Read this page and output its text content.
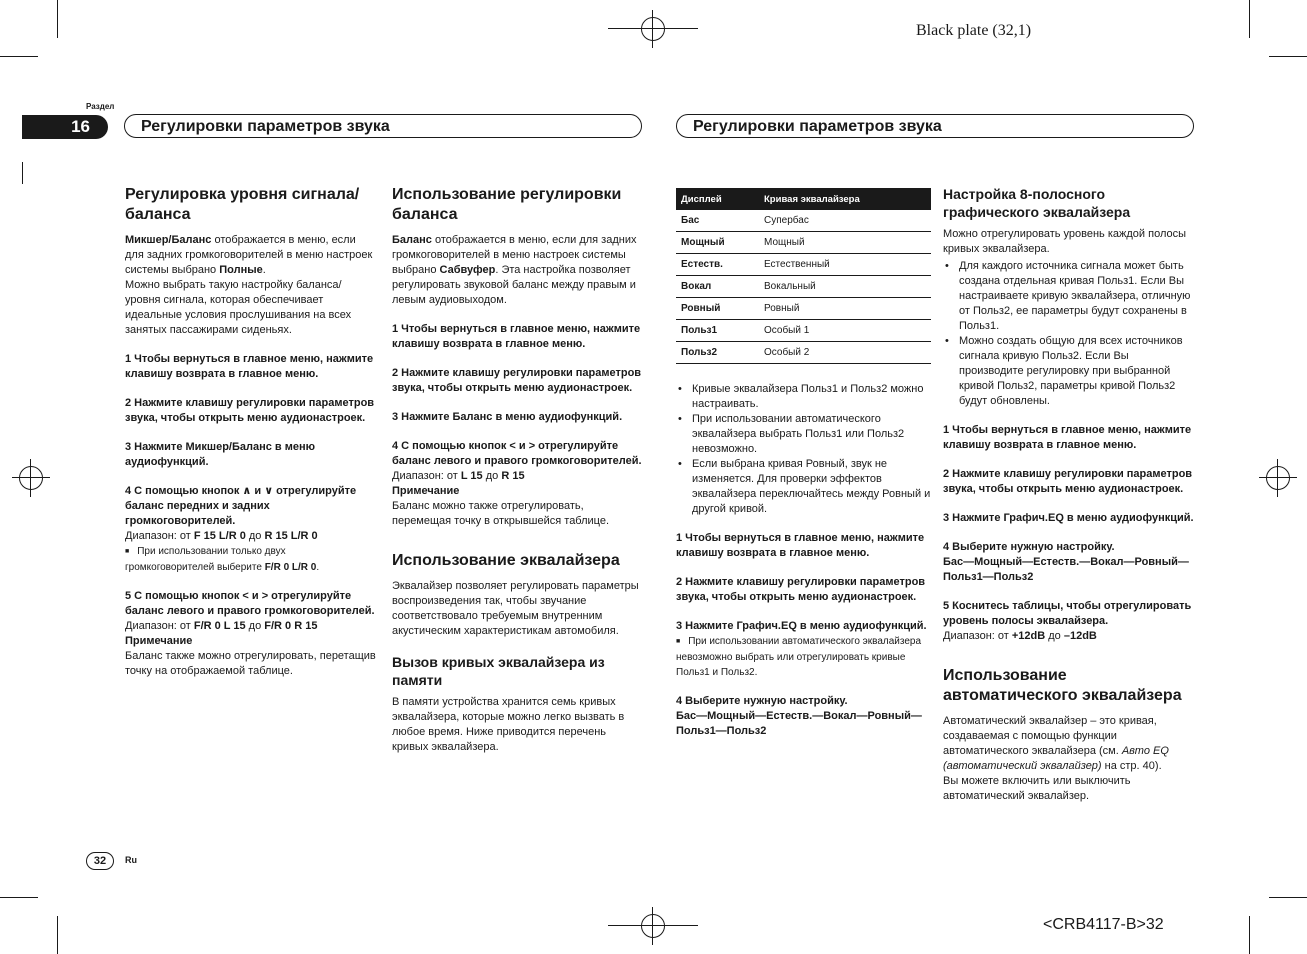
Black plate (32,1)
<CRB4117-B>32
Раздел
16	Регулировки параметров звука	Регулировки параметров звука
Регулировка уровня сигнала/баланса

Микшер/Баланс отображается в меню, если для задних громкоговорителей в меню настроек системы выбрано Полные.

Можно выбрать такую настройку баланса/уровня сигнала, которая обеспечивает идеальные условия прослушивания на всех занятых пассажирами сиденьях.

1 Чтобы вернуться в главное меню, нажмите клавишу возврата в главное меню.

2 Нажмите клавишу регулировки параметров звука, чтобы открыть меню аудионастроек.

3 Нажмите Микшер/Баланс в меню аудиофункций.

4 С помощью кнопок ∧ и ∨ отрегулируйте баланс передних и задних громкоговорителей.

Диапазон: от F 15 L/R 0 до R 15 L/R 0

■ При использовании только двух громкоговорителей выберите F/R 0 L/R 0.

5 С помощью кнопок < и > отрегулируйте баланс левого и правого громкоговорителей.

Диапазон: от F/R 0 L 15 до F/R 0 R 15

Примечание

Баланс также можно отрегулировать, перетащив точку на отображаемой таблице.

Использование регулировки баланса

Баланс отображается в меню, если для задних громкоговорителей в меню настроек системы выбрано Сабвуфер. Эта настройка позволяет регулировать звуковой баланс между правым и левым аудиовыходом.

1 Чтобы вернуться в главное меню, нажмите клавишу возврата в главное меню.

2 Нажмите клавишу регулировки параметров звука, чтобы открыть меню аудионастроек.

3 Нажмите Баланс в меню аудиофункций.

4 С помощью кнопок < и > отрегулируйте баланс левого и правого громкоговорителей.

Диапазон: от L 15 до R 15

Примечание

Баланс можно также отрегулировать, перемещая точку в открывшейся таблице.

Использование эквалайзера

Эквалайзер позволяет регулировать параметры воспроизведения так, чтобы звучание соответствовало требуемым внутренним акустическим характеристикам автомобиля.

Вызов кривых эквалайзера из памяти

В памяти устройства хранится семь кривых эквалайзера, которые можно легко вызвать в любое время. Ниже приводится перечень кривых эквалайзера.

Дисплей	Кривая эквалайзера
Бас	Супербас
Мощный	Мощный
Естеств.	Естественный
Вокал	Вокальный
Ровный	Ровный
Польз1	Особый 1
Польз2	Особый 2
• Кривые эквалайзера Польз1 и Польз2 можно настраивать.
• При использовании автоматического эквалайзера выбрать Польз1 или Польз2 невозможно.
• Если выбрана кривая Ровный, звук не изменяется. Для проверки эффектов эквалайзера переключайтесь между Ровный и другой кривой.

1 Чтобы вернуться в главное меню, нажмите клавишу возврата в главное меню.

2 Нажмите клавишу регулировки параметров звука, чтобы открыть меню аудионастроек.

3 Нажмите Графич.EQ в меню аудиофункций.

■ При использовании автоматического эквалайзера невозможно выбрать или отрегулировать кривые Польз1 и Польз2.

4 Выберите нужную настройку.

Бас—Мощный—Естеств.—Вокал—Ровный—Польз1—Польз2

Настройка 8-полосного графического эквалайзера

Можно отрегулировать уровень каждой полосы кривых эквалайзера.

• Для каждого источника сигнала может быть создана отдельная кривая Польз1. Если Вы настраиваете кривую эквалайзера, отличную от Польз2, ее параметры будут сохранены в Польз1.
• Можно создать общую для всех источников сигнала кривую Польз2. Если Вы производите регулировку при выбранной кривой Польз2, параметры кривой Польз2 будут обновлены.

1 Чтобы вернуться в главное меню, нажмите клавишу возврата в главное меню.

2 Нажмите клавишу регулировки параметров звука, чтобы открыть меню аудионастроек.

3 Нажмите Графич.EQ в меню аудиофункций.

4 Выберите нужную настройку.

Бас—Мощный—Естеств.—Вокал—Ровный—Польз1—Польз2

5 Коснитесь таблицы, чтобы отрегулировать уровень полосы эквалайзера.

Диапазон: от +12dB до –12dB

Использование автоматического эквалайзера

Автоматический эквалайзер – это кривая, создаваемая с помощью функции автоматического эквалайзера (см. Авто EQ (автоматический эквалайзер) на стр. 40).

Вы можете включить или выключить автоматический эквалайзер.

32	Ru
